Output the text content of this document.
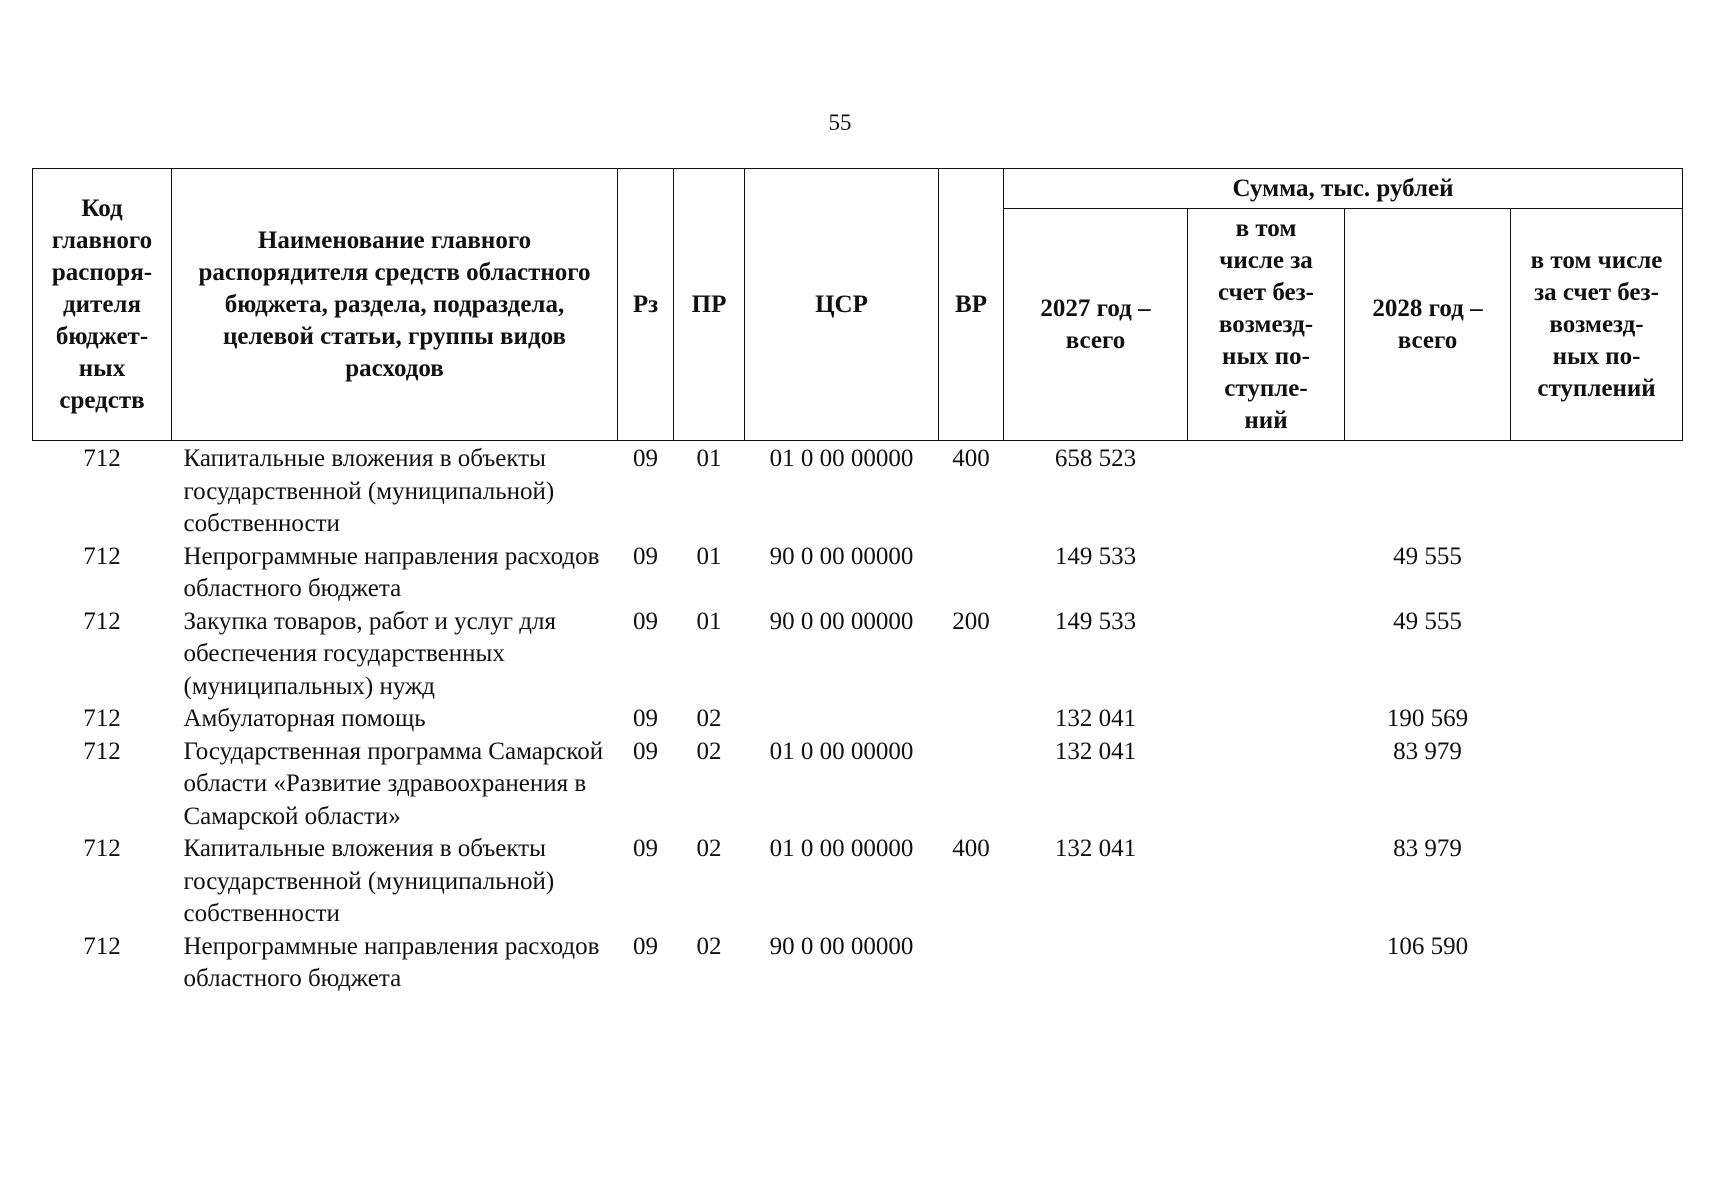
55
Код главного распоря-дителя бюджет-ных средств	Наименование главного распорядителя средств областного бюджета, раздела, подраздела, целевой статьи, группы видов расходов	Рз	ПР	ЦСР	ВР	Сумма, тыс. рублей			
						2027 год – всего	в том числе за счет без-возмезд-ных по-ступле-ний	2028 год – всего	в том числе за счет без-возмезд-ных по-ступлений
712	Капитальные вложения в объекты государственной (муниципальной) собственности	09	01	01 0 00 00000	400	658 523			
712	Непрограммные направления расходов областного бюджета	09	01	90 0 00 00000		149 533		49 555	
712	Закупка товаров, работ и услуг для обеспечения государственных (муниципальных) нужд	09	01	90 0 00 00000	200	149 533		49 555	
712	Амбулаторная помощь	09	02			132 041		190 569	
712	Государственная программа Самарской области «Развитие здравоохранения в Самарской области»	09	02	01 0 00 00000		132 041		83 979	
712	Капитальные вложения в объекты государственной (муниципальной) собственности	09	02	01 0 00 00000	400	132 041		83 979	
712	Непрограммные направления расходов областного бюджета	09	02	90 0 00 00000				106 590	
